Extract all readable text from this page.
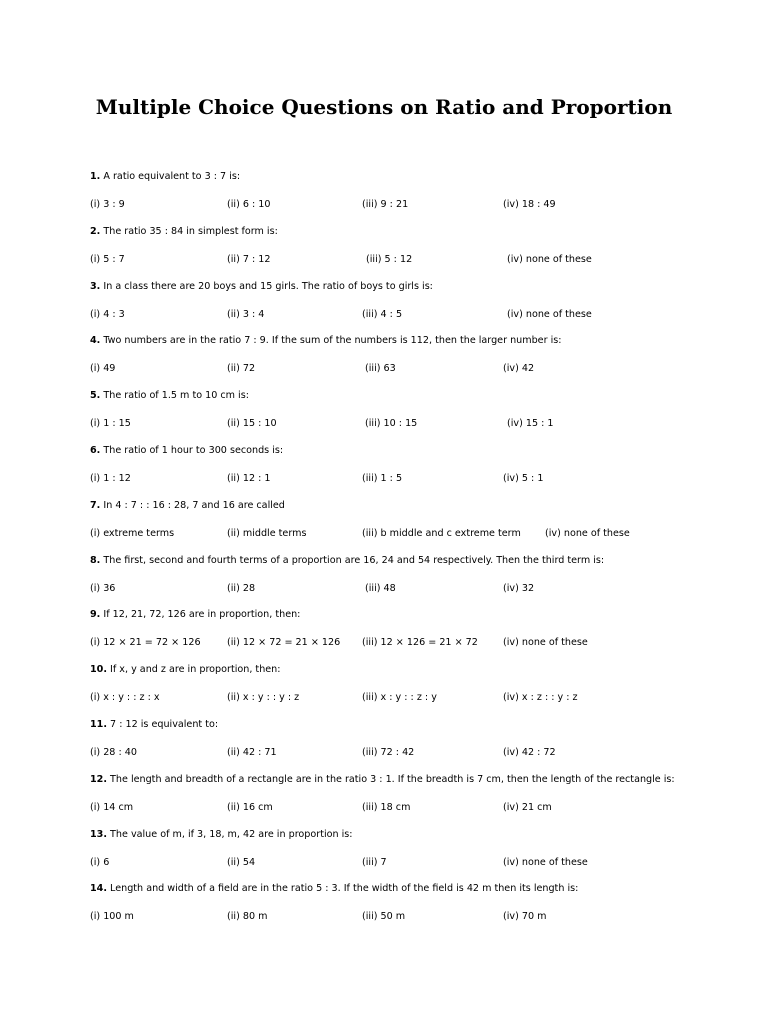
Multiple Choice Questions on Ratio and Proportion
1. A ratio equivalent to 3 : 7 is:
(i) 3 : 9	(ii) 6 : 10	(iii) 9 : 21	(iv) 18 : 49
2. The ratio 35 : 84 in simplest form is:
(i) 5 : 7	(ii) 7 : 12	(iii) 5 : 12	(iv) none of these
3. In a class there are 20 boys and 15 girls. The ratio of boys to girls is:
(i) 4 : 3	(ii) 3 : 4	(iii) 4 : 5	(iv) none of these
4. Two numbers are in the ratio 7 : 9. If the sum of the numbers is 112, then the larger number is:
(i) 49	(ii) 72	(iii) 63	(iv) 42
5. The ratio of 1.5 m to 10 cm is:
(i) 1 : 15	(ii) 15 : 10	(iii) 10 : 15	(iv) 15 : 1
6. The ratio of 1 hour to 300 seconds is:
(i) 1 : 12	(ii) 12 : 1	(iii) 1 : 5	(iv) 5 : 1
7. In 4 : 7 : : 16 : 28, 7 and 16 are called
(i) extreme terms	(ii) middle terms	(iii) b middle and c extreme term	(iv) none of these
8. The first, second and fourth terms of a proportion are 16, 24 and 54 respectively. Then the third term is:
(i) 36	(ii) 28	(iii) 48	(iv) 32
9. If 12, 21, 72, 126 are in proportion, then:
(i) 12 × 21 = 72 × 126	(ii) 12 × 72 = 21 × 126 (iii) 12 × 126 = 21 × 72	(iv) none of these
10. If x, y and z are in proportion, then:
(i) x : y : : z : x	(ii) x : y : : y : z	(iii) x : y : : z : y	(iv) x : z : : y : z
11. 7 : 12 is equivalent to:
(i) 28 : 40	(ii) 42 : 71	(iii) 72 : 42	(iv) 42 : 72
12. The length and breadth of a rectangle are in the ratio 3 : 1. If the breadth is 7 cm, then the length of the rectangle is:
(i) 14 cm	(ii) 16 cm	(iii) 18 cm	(iv) 21 cm
13. The value of m, if 3, 18, m, 42 are in proportion is:
(i) 6	(ii) 54	(iii) 7	(iv) none of these
14. Length and width of a field are in the ratio 5 : 3. If the width of the field is 42 m then its length is:
(i) 100 m	(ii) 80 m	(iii) 50 m	(iv) 70 m
